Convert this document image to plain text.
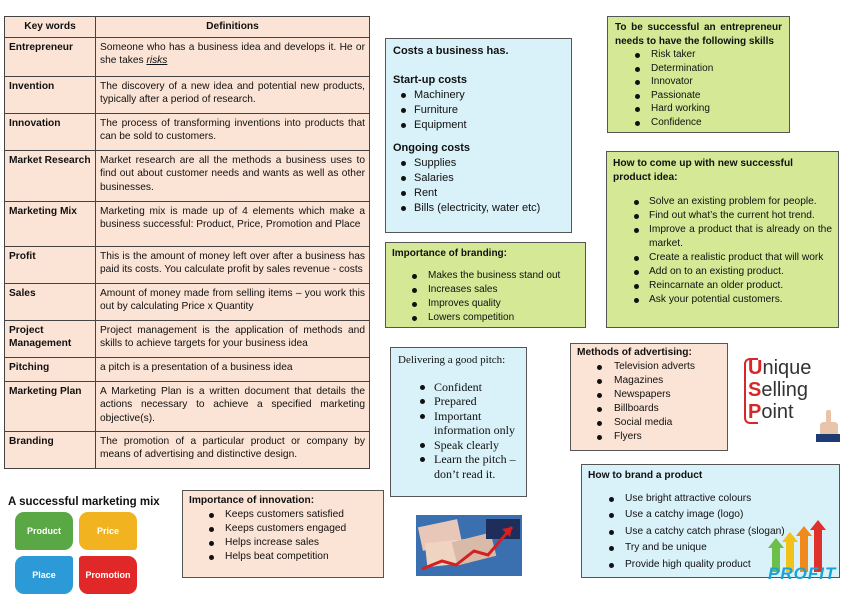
Key words	Definitions
Entrepreneur	Someone who has a business idea and develops it. He or she takes risks
Invention	The discovery of a new idea and potential new products, typically after a period of research.
Innovation	The process of transforming inventions into products that can be sold to customers.
Market Research	Market research are all the methods a business uses to find out about customer needs and wants as well as other businesses.
Marketing Mix	Marketing mix is made up of 4 elements which make a business successful: Product, Price, Promotion and Place
Profit	This is the amount of money left over after a business has paid its costs. You calculate profit by sales revenue - costs
Sales	Amount of money made from selling items – you work this out by calculating Price x Quantity
Project Management	Project management is the application of methods and skills to achieve targets for your business idea
Pitching	a pitch is a presentation of a business idea
Marketing Plan	A Marketing Plan is a written document that details the actions necessary to achieve a specified marketing objective(s).
Branding	The promotion of a particular product or company by means of advertising and distinctive design.
Costs a business has.
Start-up costs
Machinery
Furniture
Equipment
Ongoing costs
Supplies
Salaries
Rent
Bills (electricity, water etc)
Importance of branding:
Makes the business stand out
Increases sales
Improves quality
Lowers competition
Delivering a good pitch:
Confident
Prepared
Important information only
Speak clearly
Learn the pitch – don’t read it.
To be successful an entrepreneur needs to have the following skills
Risk taker
Determination
Innovator
Passionate
Hard working
Confidence
How to come up with new successful product idea:
Solve an existing problem for people.
Find out what’s the current hot trend.
Improve a product that is already on the market.
Create a realistic product that will work
Add on to an existing product.
Reincarnate an older product.
Ask your potential customers.
Methods of advertising:
Television adverts
Magazines
Newspapers
Billboards
Social media
Flyers
Unique
Selling
Point
How to brand a product
Use bright attractive colours
Use a catchy image (logo)
Use a catchy catch phrase (slogan)
Try and be unique
Provide high quality product	PROFIT
A successful marketing mix
Product	Price
Place	Promotion
Importance of innovation:
Keeps customers satisfied
Keeps customers engaged
Helps increase sales
Helps beat competition
